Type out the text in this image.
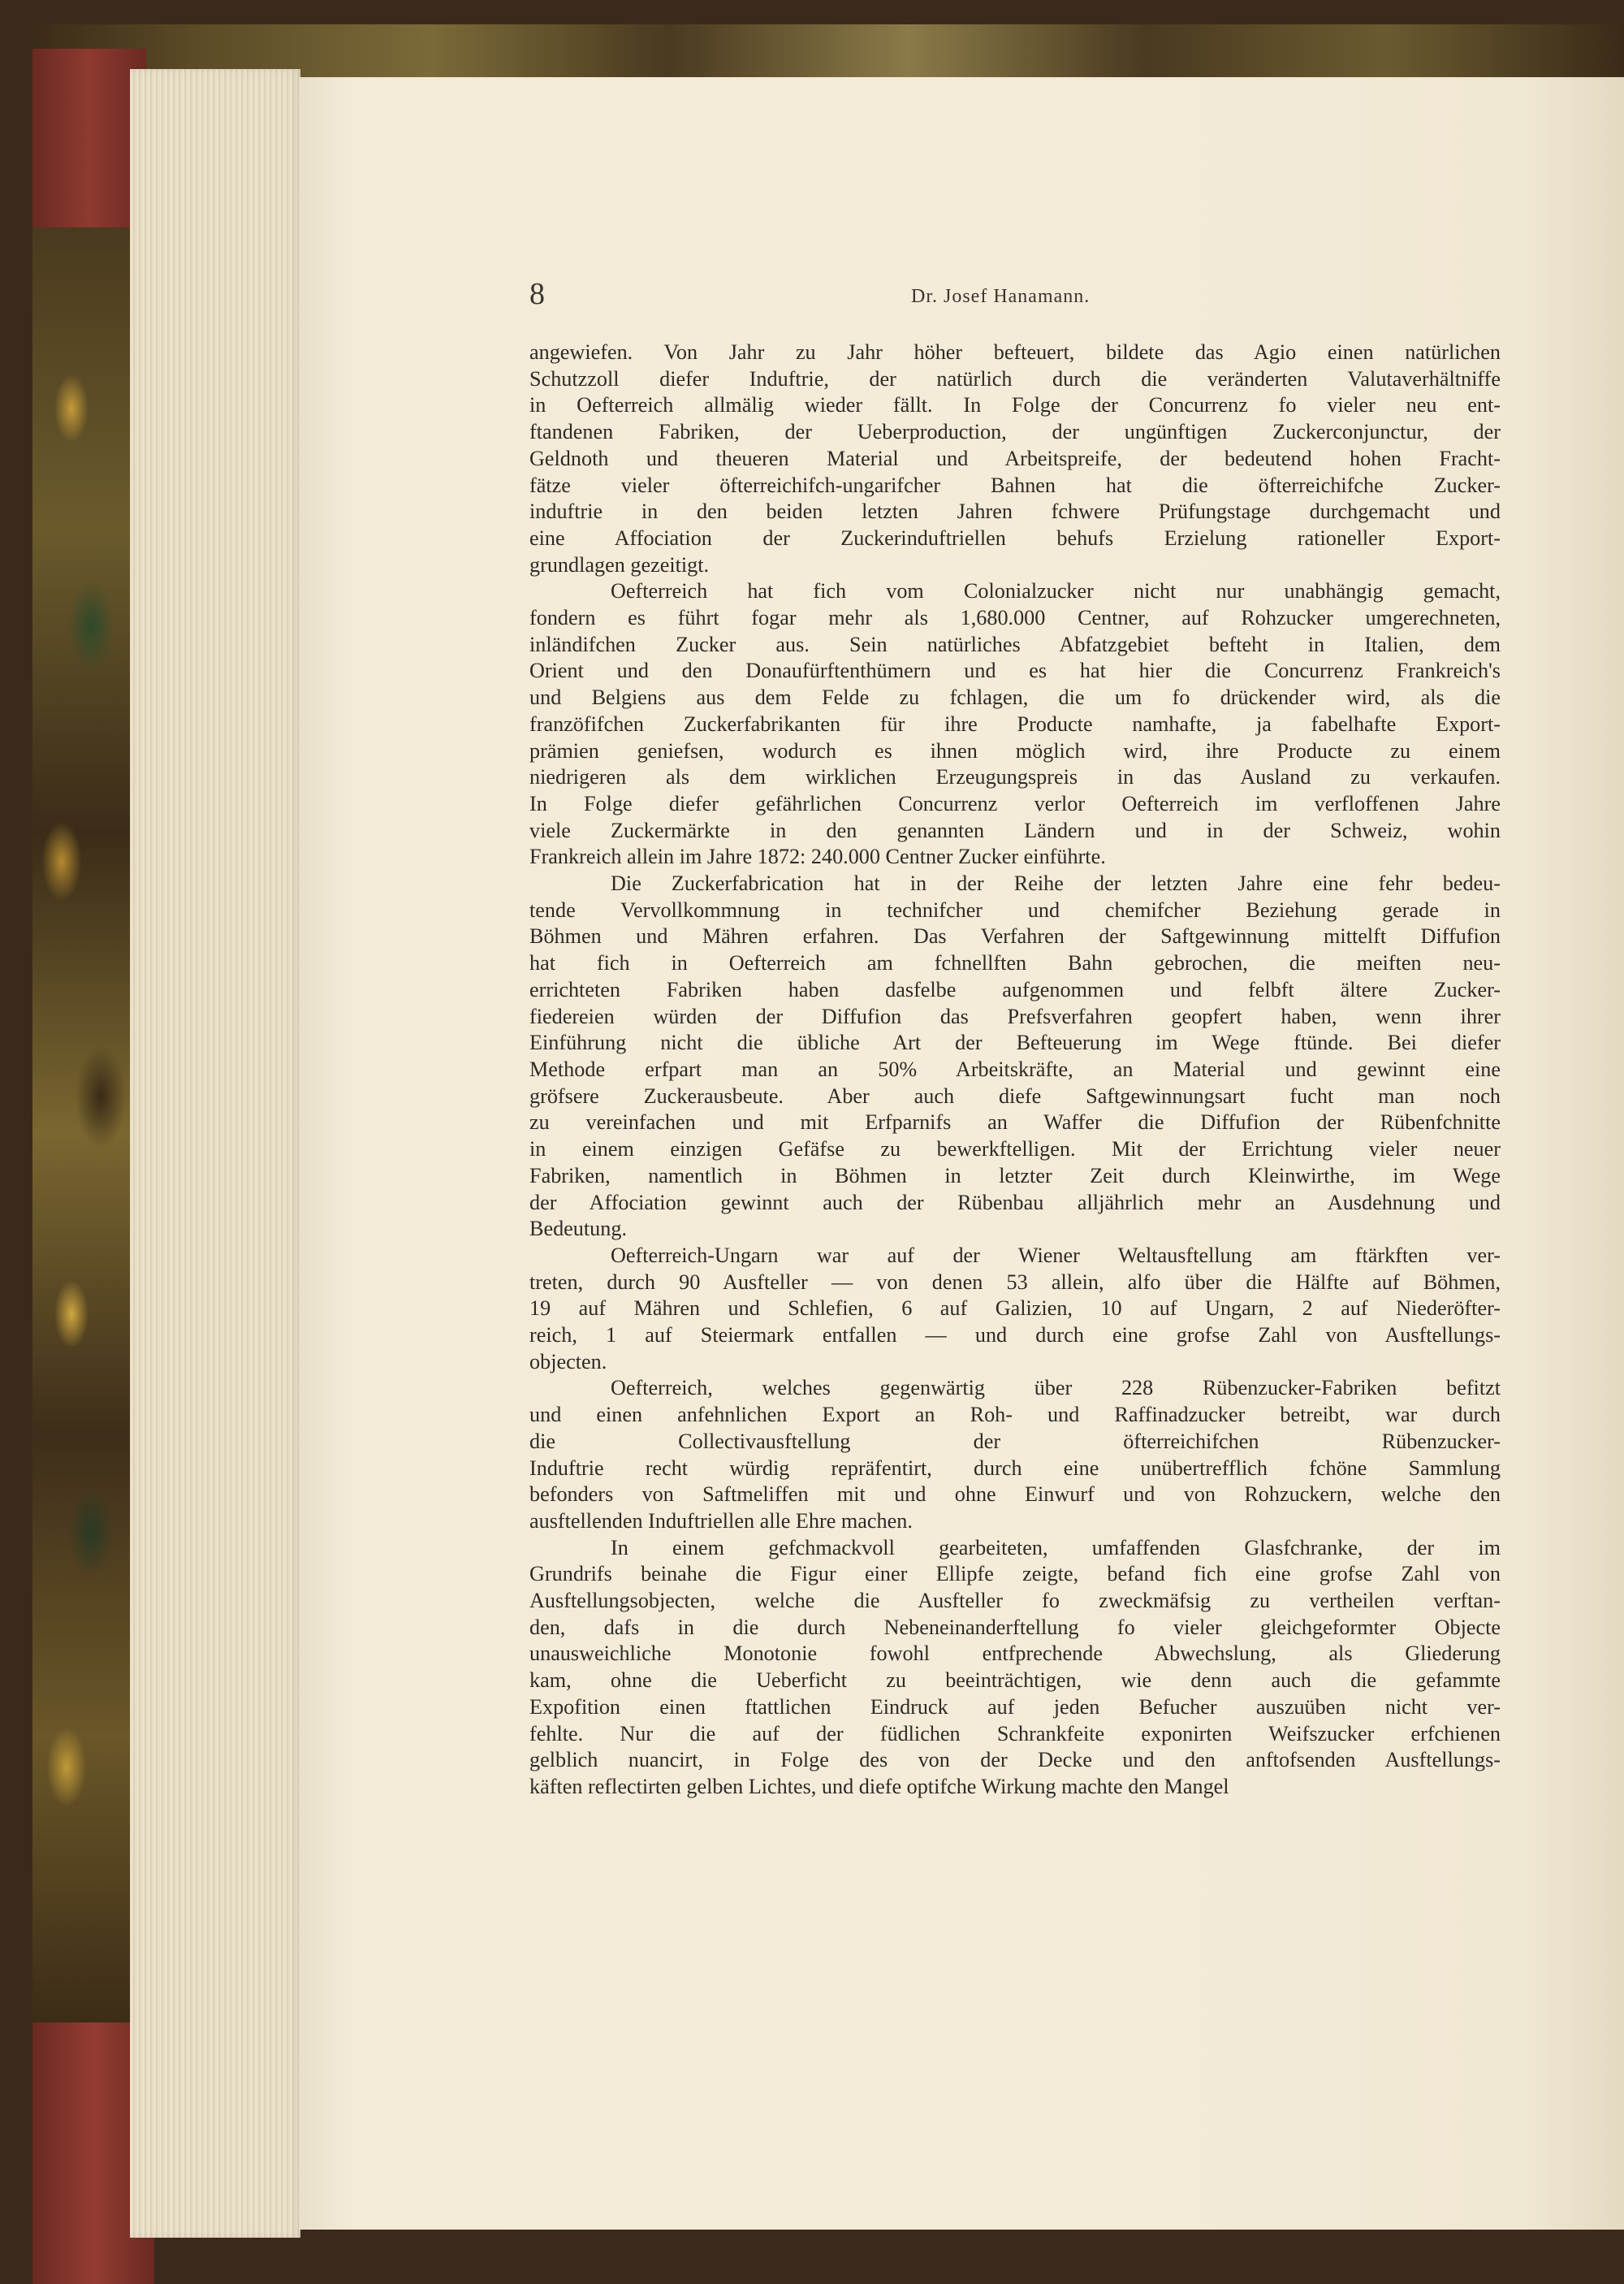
8	Dr. Josef Hanamann.
angewiefen. Von Jahr zu Jahr höher befteuert, bildete das Agio einen natürlichen
Schutzzoll diefer Induftrie, der natürlich durch die veränderten Valutaverhältniffe
in Oefterreich allmälig wieder fällt. In Folge der Concurrenz fo vieler neu ent-
ftandenen Fabriken, der Ueberproduction, der ungünftigen Zuckerconjunctur, der
Geldnoth und theueren Material und Arbeitspreife, der bedeutend hohen Fracht-
fätze vieler öfterreichifch-ungarifcher Bahnen hat die öfterreichifche Zucker-
induftrie in den beiden letzten Jahren fchwere Prüfungstage durchgemacht und
eine Affociation der Zuckerinduftriellen behufs Erzielung rationeller Export-
grundlagen gezeitigt.
Oefterreich hat fich vom Colonialzucker nicht nur unabhängig gemacht,
fondern es führt fogar mehr als 1,680.000 Centner, auf Rohzucker umgerechneten,
inländifchen Zucker aus. Sein natürliches Abfatzgebiet befteht in Italien, dem
Orient und den Donaufürftenthümern und es hat hier die Concurrenz Frankreich's
und Belgiens aus dem Felde zu fchlagen, die um fo drückender wird, als die
franzöfifchen Zuckerfabrikanten für ihre Producte namhafte, ja fabelhafte Export-
prämien geniefsen, wodurch es ihnen möglich wird, ihre Producte zu einem
niedrigeren als dem wirklichen Erzeugungspreis in das Ausland zu verkaufen.
In Folge diefer gefährlichen Concurrenz verlor Oefterreich im verfloffenen Jahre
viele Zuckermärkte in den genannten Ländern und in der Schweiz, wohin
Frankreich allein im Jahre 1872: 240.000 Centner Zucker einführte.
Die Zuckerfabrication hat in der Reihe der letzten Jahre eine fehr bedeu-
tende Vervollkommnung in technifcher und chemifcher Beziehung gerade in
Böhmen und Mähren erfahren. Das Verfahren der Saftgewinnung mittelft Diffufion
hat fich in Oefterreich am fchnellften Bahn gebrochen, die meiften neu-
errichteten Fabriken haben dasfelbe aufgenommen und felbft ältere Zucker-
fiedereien würden der Diffufion das Prefsverfahren geopfert haben, wenn ihrer
Einführung nicht die übliche Art der Befteuerung im Wege ftünde. Bei diefer
Methode erfpart man an 50% Arbeitskräfte, an Material und gewinnt eine
gröfsere Zuckerausbeute. Aber auch diefe Saftgewinnungsart fucht man noch
zu vereinfachen und mit Erfparnifs an Waffer die Diffufion der Rübenfchnitte
in einem einzigen Gefäfse zu bewerkftelligen. Mit der Errichtung vieler neuer
Fabriken, namentlich in Böhmen in letzter Zeit durch Kleinwirthe, im Wege
der Affociation gewinnt auch der Rübenbau alljährlich mehr an Ausdehnung und
Bedeutung.
Oefterreich-Ungarn war auf der Wiener Weltausftellung am ftärkften ver-
treten, durch 90 Ausfteller — von denen 53 allein, alfo über die Hälfte auf Böhmen,
19 auf Mähren und Schlefien, 6 auf Galizien, 10 auf Ungarn, 2 auf Niederöfter-
reich, 1 auf Steiermark entfallen — und durch eine grofse Zahl von Ausftellungs-
objecten.
Oefterreich, welches gegenwärtig über 228 Rübenzucker-Fabriken befitzt
und einen anfehnlichen Export an Roh- und Raffinadzucker betreibt, war durch
die Collectivausftellung der öfterreichifchen Rübenzucker-
Induftrie recht würdig repräfentirt, durch eine unübertrefflich fchöne Sammlung
befonders von Saftmeliffen mit und ohne Einwurf und von Rohzuckern, welche den
ausftellenden Induftriellen alle Ehre machen.
In einem gefchmackvoll gearbeiteten, umfaffenden Glasfchranke, der im
Grundrifs beinahe die Figur einer Ellipfe zeigte, befand fich eine grofse Zahl von
Ausftellungsobjecten, welche die Ausfteller fo zweckmäfsig zu vertheilen verftan-
den, dafs in die durch Nebeneinanderftellung fo vieler gleichgeformter Objecte
unausweichliche Monotonie fowohl entfprechende Abwechslung, als Gliederung
kam, ohne die Ueberficht zu beeinträchtigen, wie denn auch die gefammte
Expofition einen ftattlichen Eindruck auf jeden Befucher auszuüben nicht ver-
fehlte. Nur die auf der füdlichen Schrankfeite exponirten Weifszucker erfchienen
gelblich nuancirt, in Folge des von der Decke und den anftofsenden Ausftellungs-
käften reflectirten gelben Lichtes, und diefe optifche Wirkung machte den Mangel
